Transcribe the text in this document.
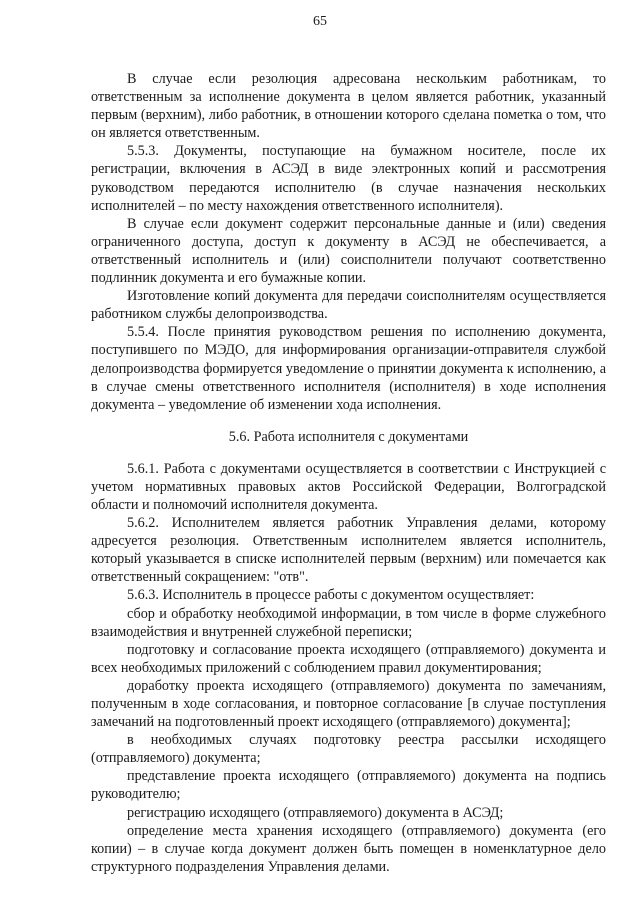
65

В случае если резолюция адресована нескольким работникам, то ответственным за исполнение документа в целом является работник, указанный первым (верхним), либо работник, в отношении которого сделана пометка о том, что он является ответственным.

5.5.3. Документы, поступающие на бумажном носителе, после их регистрации, включения в АСЭД в виде электронных копий и рассмотрения руководством передаются исполнителю (в случае назначения нескольких исполнителей – по месту нахождения ответственного исполнителя).

В случае если документ содержит персональные данные и (или) сведения ограниченного доступа, доступ к документу в АСЭД не обеспечивается, а ответственный исполнитель и (или) соисполнители получают соответственно подлинник документа и его бумажные копии.

Изготовление копий документа для передачи соисполнителям осуществляется работником службы делопроизводства.

5.5.4. После принятия руководством решения по исполнению документа, поступившего по МЭДО, для информирования организации-отправителя службой делопроизводства формируется уведомление о принятии документа к исполнению, а в случае смены ответственного исполнителя (исполнителя) в ходе исполнения документа – уведомление об изменении хода исполнения.

5.6. Работа исполнителя с документами

5.6.1. Работа с документами осуществляется в соответствии с Инструкцией с учетом нормативных правовых актов Российской Федерации, Волгоградской области и полномочий исполнителя документа.

5.6.2. Исполнителем является работник Управления делами, которому адресуется резолюция. Ответственным исполнителем является исполнитель, который указывается в списке исполнителей первым (верхним) или помечается как ответственный сокращением: "отв".

5.6.3. Исполнитель в процессе работы с документом осуществляет:

сбор и обработку необходимой информации, в том числе в форме служебного взаимодействия и внутренней служебной переписки;

подготовку и согласование проекта исходящего (отправляемого) документа и всех необходимых приложений с соблюдением правил документирования;

доработку проекта исходящего (отправляемого) документа по замечаниям, полученным в ходе согласования, и повторное согласование [в случае поступления замечаний на подготовленный проект исходящего (отправляемого) документа];

в необходимых случаях подготовку реестра рассылки исходящего (отправляемого) документа;

представление проекта исходящего (отправляемого) документа на подпись руководителю;

регистрацию исходящего (отправляемого) документа в АСЭД;

определение места хранения исходящего (отправляемого) документа (его копии) – в случае когда документ должен быть помещен в номенклатурное дело структурного подразделения Управления делами.
